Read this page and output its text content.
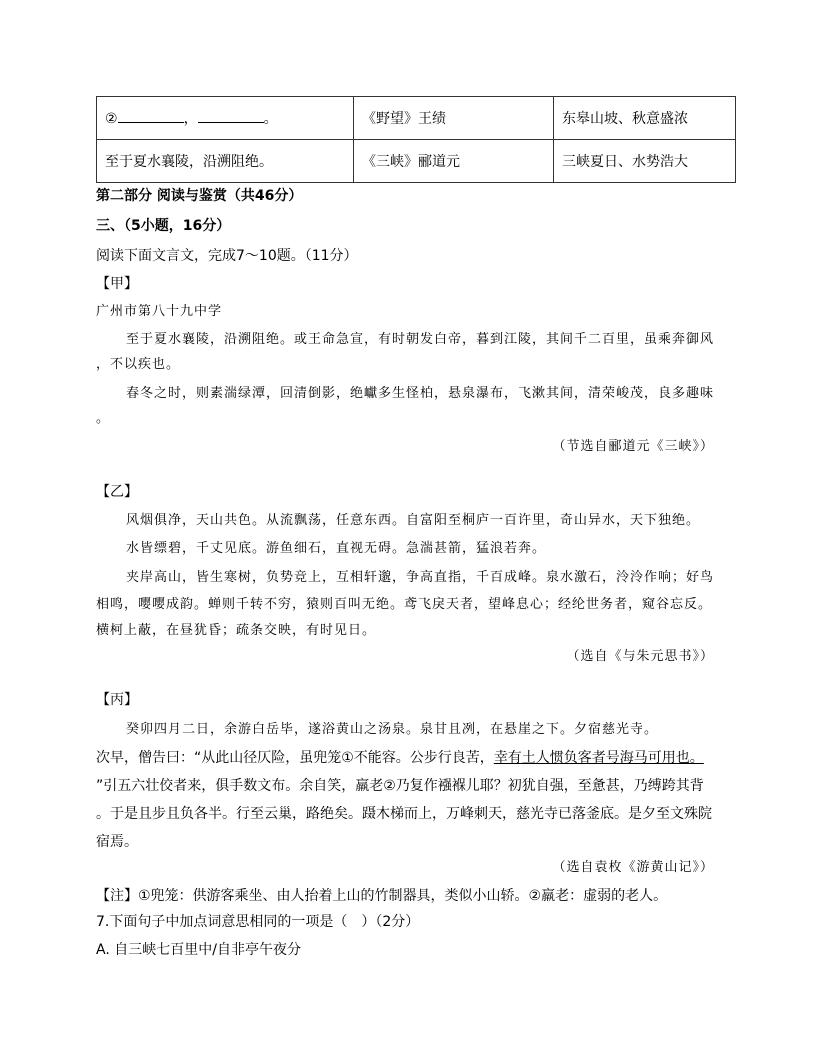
② ， 。	《野望》王绩	东皋山坡、秋意盛浓
至于夏水襄陵，沿溯阻绝。	《三峡》郦道元	三峡夏日、水势浩大
第二部分 阅读与鉴赏（共46分）
三、（5小题，16分）
阅读下面文言文，完成7～10题。（11分）
【甲】
广州市第八十九中学
至于夏水襄陵，沿溯阻绝。或王命急宣，有时朝发白帝，暮到江陵，其间千二百里，虽乘奔御风
，不以疾也。
春冬之时，则素湍绿潭，回清倒影，绝巘多生怪柏，悬泉瀑布，飞漱其间，清荣峻茂，良多趣味
。
（节选自郦道元《三峡》）
【乙】
风烟俱净，天山共色。从流飘荡，任意东西。自富阳至桐庐一百许里，奇山异水，天下独绝。
水皆缥碧，千丈见底。游鱼细石，直视无碍。急湍甚箭，猛浪若奔。
夹岸高山，皆生寒树，负势竞上，互相轩邈，争高直指，千百成峰。泉水激石，泠泠作响；好鸟
相鸣，嘤嘤成韵。蝉则千转不穷，猿则百叫无绝。鸢飞戾天者，望峰息心；经纶世务者，窥谷忘反。
横柯上蔽，在昼犹昏；疏条交映，有时见日。
（选自《与朱元思书》）
【丙】
癸卯四月二日，余游白岳毕，遂浴黄山之汤泉。泉甘且冽，在悬崖之下。夕宿慈光寺。
次早，僧告曰：“从此山径仄险，虽兜笼①不能容。公步行良苦，幸有土人惯负客者号海马可用也。
”引五六壮佼者来，俱手数文布。余自笑，羸老②乃复作襁褓儿耶？初犹自强，至惫甚，乃缚跨其背
。于是且步且负各半。行至云巢，路绝矣。蹑木梯而上，万峰刺天，慈光寺已落釜底。是夕至文殊院
宿焉。
（选自袁枚《游黄山记》）
【注】①兜笼：供游客乘坐、由人抬着上山的竹制器具，类似小山轿。②羸老：虚弱的老人。
7.下面句子中加点词意思相同的一项是（　）（2分）
A. 自三峡七百里中/自非亭午夜分
